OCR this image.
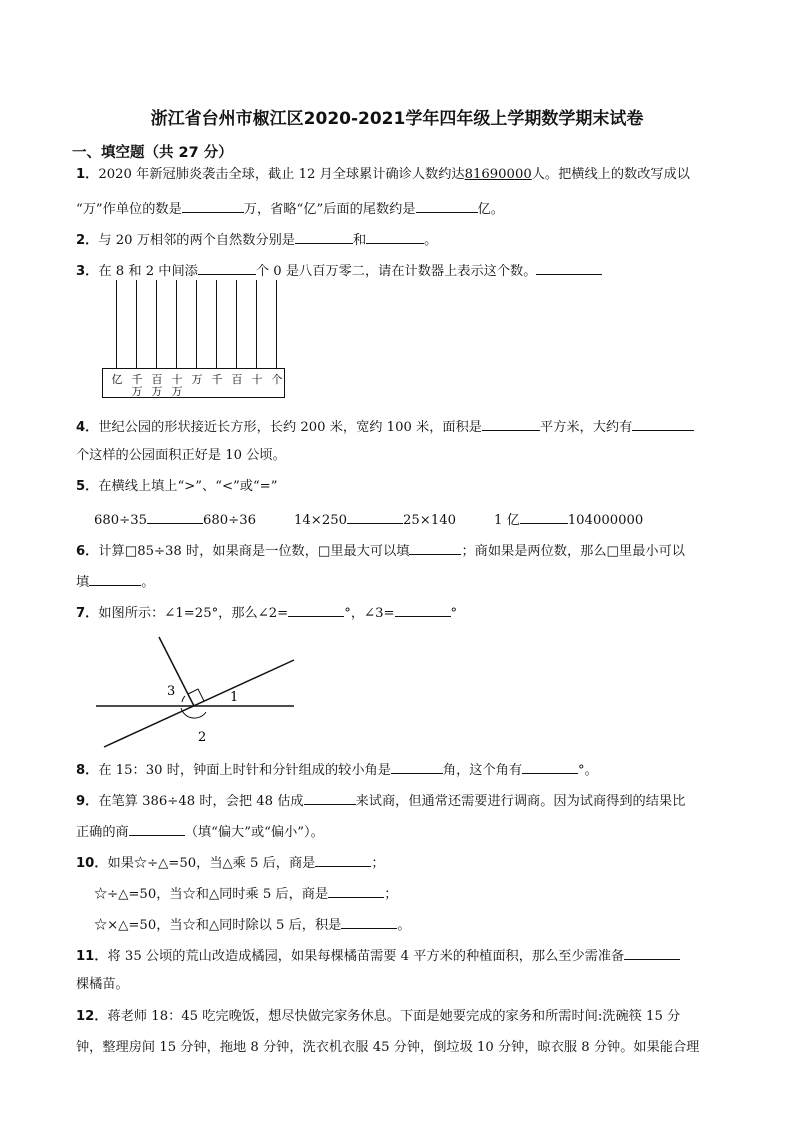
浙江省台州市椒江区2020-2021学年四年级上学期数学期末试卷
一、填空题（共 27 分）
1．2020 年新冠肺炎袭击全球，截止 12 月全球累计确诊人数约达81690000人。把横线上的数改写成以
“万”作单位的数是	万，省略“亿”后面的尾数约是	亿。
2．与 20 万相邻的两个自然数分别是	和	。
3．在 8 和 2 中间添	个 0 是八百万零二，请在计数器上表示这个数。
亿 千万
百万
十万
万 千 百 十 个
4．世纪公园的形状接近长方形，长约 200 米，宽约 100 米，面积是	平方米，大约有
个这样的公园面积正好是 10 公顷。
5．在横线上填上“>”、“<”或“=”
680÷35	680÷36	14×250	25×140	1 亿	104000000
6．计算□85÷38 时，如果商是一位数，□里最大可以填	；商如果是两位数，那么□里最小可以
填	。
7．如图所示：∠1=25°，那么∠2=	°，∠3=	°
1
2
3
8．在 15：30 时，钟面上时针和分针组成的较小角是	角，这个角有	°。
9．在笔算 386÷48 时，会把 48 估成	来试商，但通常还需要进行调商。因为试商得到的结果比
正确的商	（填“偏大”或“偏小”）。
10．如果☆÷△=50，当△乘 5 后，商是	；
☆÷△=50，当☆和△同时乘 5 后，商是	；
☆×△=50，当☆和△同时除以 5 后，积是	。
11．将 35 公顷的荒山改造成橘园，如果每棵橘苗需要 4 平方米的种植面积，那么至少需准备
棵橘苗。
12．蒋老师 18：45 吃完晚饭，想尽快做完家务休息。下面是她要完成的家务和所需时间:洗碗筷 15 分
钟，整理房间 15 分钟，拖地 8 分钟，洗衣机衣服 45 分钟，倒垃圾 10 分钟，晾衣服 8 分钟。如果能合理
